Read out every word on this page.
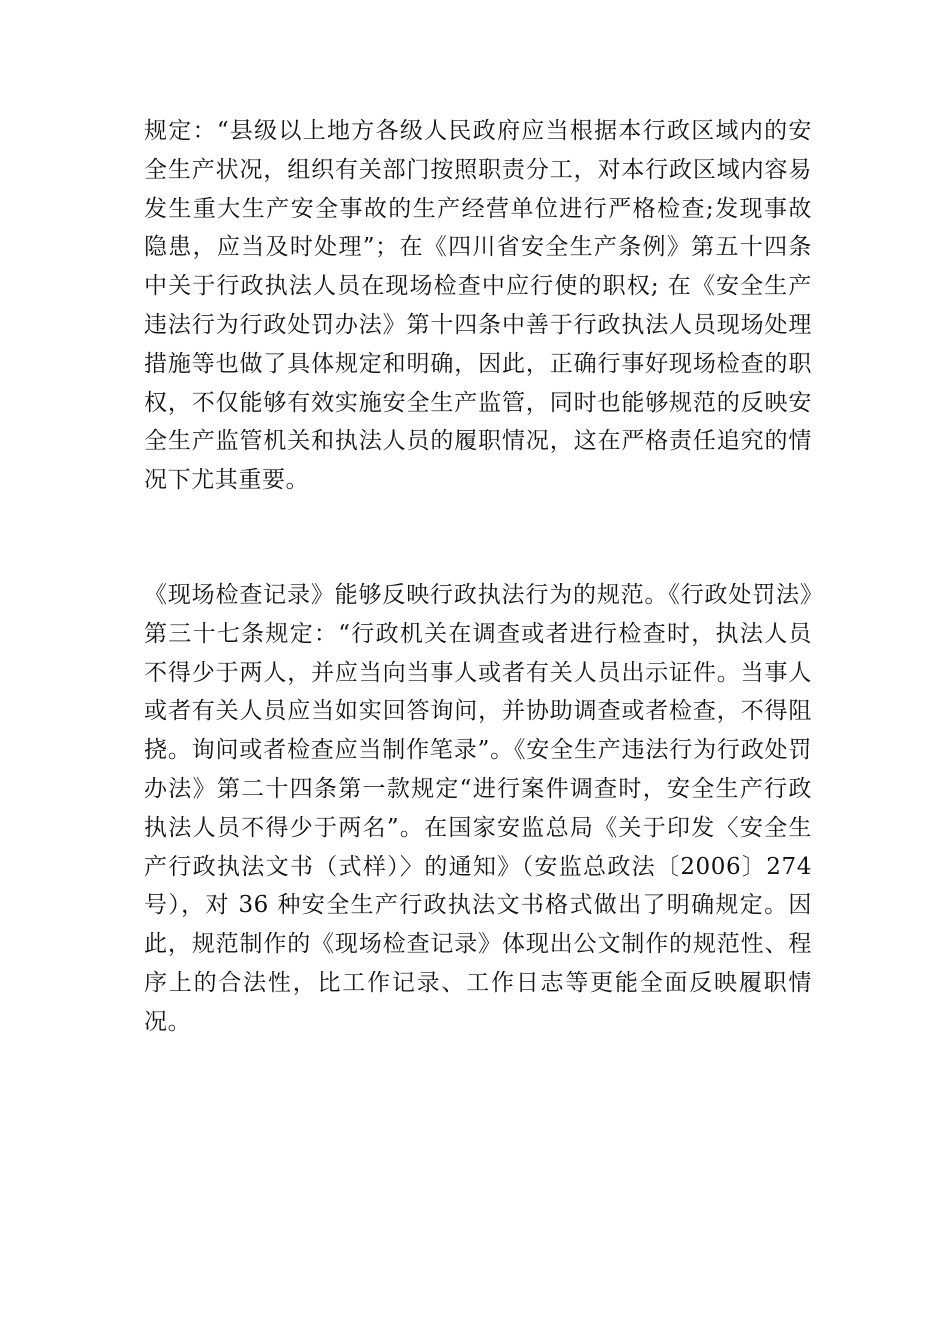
规定：“县级以上地方各级人民政府应当根据本行政区域内的安全生产状况，组织有关部门按照职责分工，对本行政区域内容易发生重大生产安全事故的生产经营单位进行严格检查;发现事故隐患，应当及时处理”；在《四川省安全生产条例》第五十四条中关于行政执法人员在现场检查中应行使的职权; 在《安全生产违法行为行政处罚办法》第十四条中善于行政执法人员现场处理措施等也做了具体规定和明确，因此，正确行事好现场检查的职权，不仅能够有效实施安全生产监管，同时也能够规范的反映安全生产监管机关和执法人员的履职情况，这在严格责任追究的情况下尤其重要。

《现场检查记录》能够反映行政执法行为的规范。《行政处罚法》第三十七条规定：“行政机关在调查或者进行检查时，执法人员不得少于两人，并应当向当事人或者有关人员出示证件。当事人或者有关人员应当如实回答询问，并协助调查或者检查，不得阻挠。询问或者检查应当制作笔录”。《安全生产违法行为行政处罚办法》第二十四条第一款规定“进行案件调查时，安全生产行政执法人员不得少于两名”。在国家安监总局《关于印发〈安全生产行政执法文书（式样）〉的通知》（安监总政法〔2006〕274 号），对 36 种安全生产行政执法文书格式做出了明确规定。因此，规范制作的《现场检查记录》体现出公文制作的规范性、程序上的合法性，比工作记录、工作日志等更能全面反映履职情况。
